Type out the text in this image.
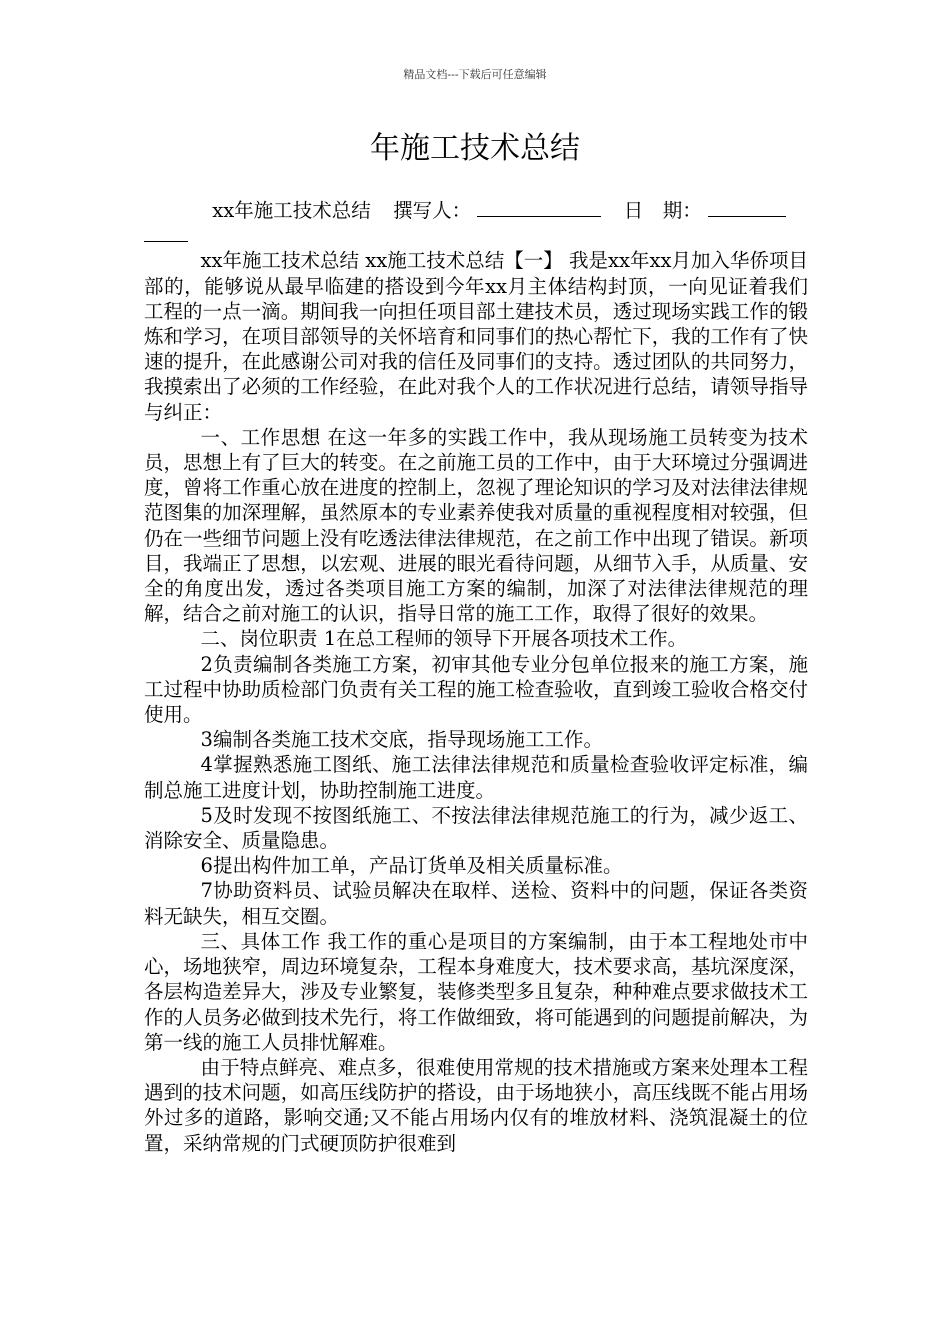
精品文档---下载后可任意编辑
年施工技术总结
xx年施工技术总结 撰写人：	日　期：

xx年施工技术总结 xx施工技术总结【一】 我是xx年xx月加入华侨项目部的，能够说从最早临建的搭设到今年xx月主体结构封顶，一向见证着我们工程的一点一滴。期间我一向担任项目部土建技术员，透过现场实践工作的锻炼和学习，在项目部领导的关怀培育和同事们的热心帮忙下，我的工作有了快速的提升，在此感谢公司对我的信任及同事们的支持。透过团队的共同努力，我摸索出了必须的工作经验，在此对我个人的工作状况进行总结，请领导指导与纠正：

一、工作思想 在这一年多的实践工作中，我从现场施工员转变为技术员，思想上有了巨大的转变。在之前施工员的工作中，由于大环境过分强调进度，曾将工作重心放在进度的控制上，忽视了理论知识的学习及对法律法律规范图集的加深理解，虽然原本的专业素养使我对质量的重视程度相对较强，但仍在一些细节问题上没有吃透法律法律规范，在之前工作中出现了错误。新项目，我端正了思想，以宏观、进展的眼光看待问题，从细节入手，从质量、安全的角度出发，透过各类项目施工方案的编制，加深了对法律法律规范的理解，结合之前对施工的认识，指导日常的施工工作，取得了很好的效果。

二、岗位职责 1在总工程师的领导下开展各项技术工作。

2负责编制各类施工方案，初审其他专业分包单位报来的施工方案，施工过程中协助质检部门负责有关工程的施工检查验收，直到竣工验收合格交付使用。

3编制各类施工技术交底，指导现场施工工作。

4掌握熟悉施工图纸、施工法律法律规范和质量检查验收评定标准，编制总施工进度计划，协助控制施工进度。

5及时发现不按图纸施工、不按法律法律规范施工的行为，减少返工、消除安全、质量隐患。

6提出构件加工单，产品订货单及相关质量标准。

7协助资料员、试验员解决在取样、送检、资料中的问题，保证各类资料无缺失，相互交圈。

三、具体工作 我工作的重心是项目的方案编制，由于本工程地处市中心，场地狭窄，周边环境复杂，工程本身难度大，技术要求高，基坑深度深，各层构造差异大，涉及专业繁复，装修类型多且复杂，种种难点要求做技术工作的人员务必做到技术先行，将工作做细致，将可能遇到的问题提前解决，为第一线的施工人员排忧解难。

由于特点鲜亮、难点多，很难使用常规的技术措施或方案来处理本工程遇到的技术问题，如高压线防护的搭设，由于场地狭小，高压线既不能占用场外过多的道路，影响交通;又不能占用场内仅有的堆放材料、浇筑混凝土的位置，采纳常规的门式硬顶防护很难到
